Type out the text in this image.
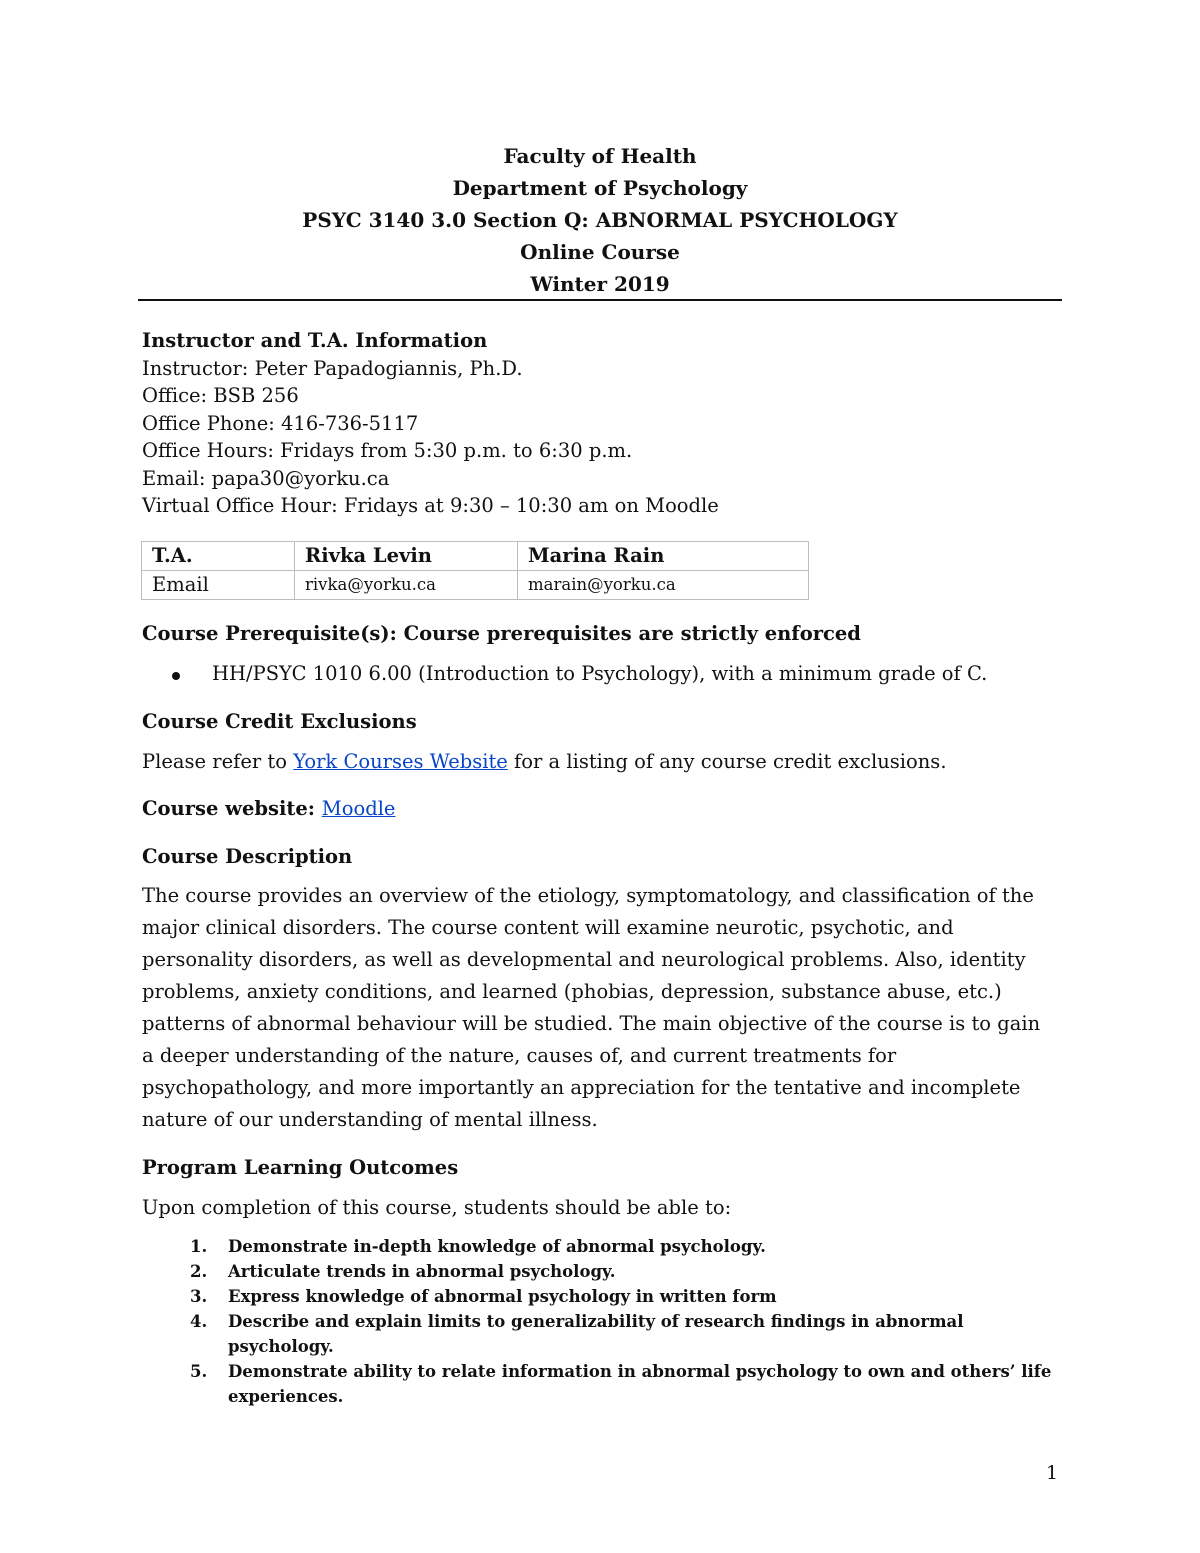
Faculty of Health
Department of Psychology
PSYC 3140 3.0 Section Q: ABNORMAL PSYCHOLOGY
Online Course
Winter 2019
Instructor and T.A. Information
Instructor: Peter Papadogiannis, Ph.D.
Office: BSB 256
Office Phone: 416-736-5117
Office Hours: Fridays from 5:30 p.m. to 6:30 p.m.
Email: papa30@yorku.ca
Virtual Office Hour: Fridays at 9:30 – 10:30 am on Moodle
T.A.	Rivka Levin	Marina Rain
Email	rivka@yorku.ca	marain@yorku.ca
Course Prerequisite(s): Course prerequisites are strictly enforced
HH/PSYC 1010 6.00 (Introduction to Psychology), with a minimum grade of C.
Course Credit Exclusions
Please refer to York Courses Website for a listing of any course credit exclusions.
Course website: Moodle
Course Description
The course provides an overview of the etiology, symptomatology, and classification of the
major clinical disorders. The course content will examine neurotic, psychotic, and
personality disorders, as well as developmental and neurological problems. Also, identity
problems, anxiety conditions, and learned (phobias, depression, substance abuse, etc.)
patterns of abnormal behaviour will be studied. The main objective of the course is to gain
a deeper understanding of the nature, causes of, and current treatments for
psychopathology, and more importantly an appreciation for the tentative and incomplete
nature of our understanding of mental illness.
Program Learning Outcomes
Upon completion of this course, students should be able to:
1. Demonstrate in-depth knowledge of abnormal psychology.
2. Articulate trends in abnormal psychology.
3. Express knowledge of abnormal psychology in written form
4. Describe and explain limits to generalizability of research findings in abnormal
psychology.
5. Demonstrate ability to relate information in abnormal psychology to own and others’ life
experiences.
1
